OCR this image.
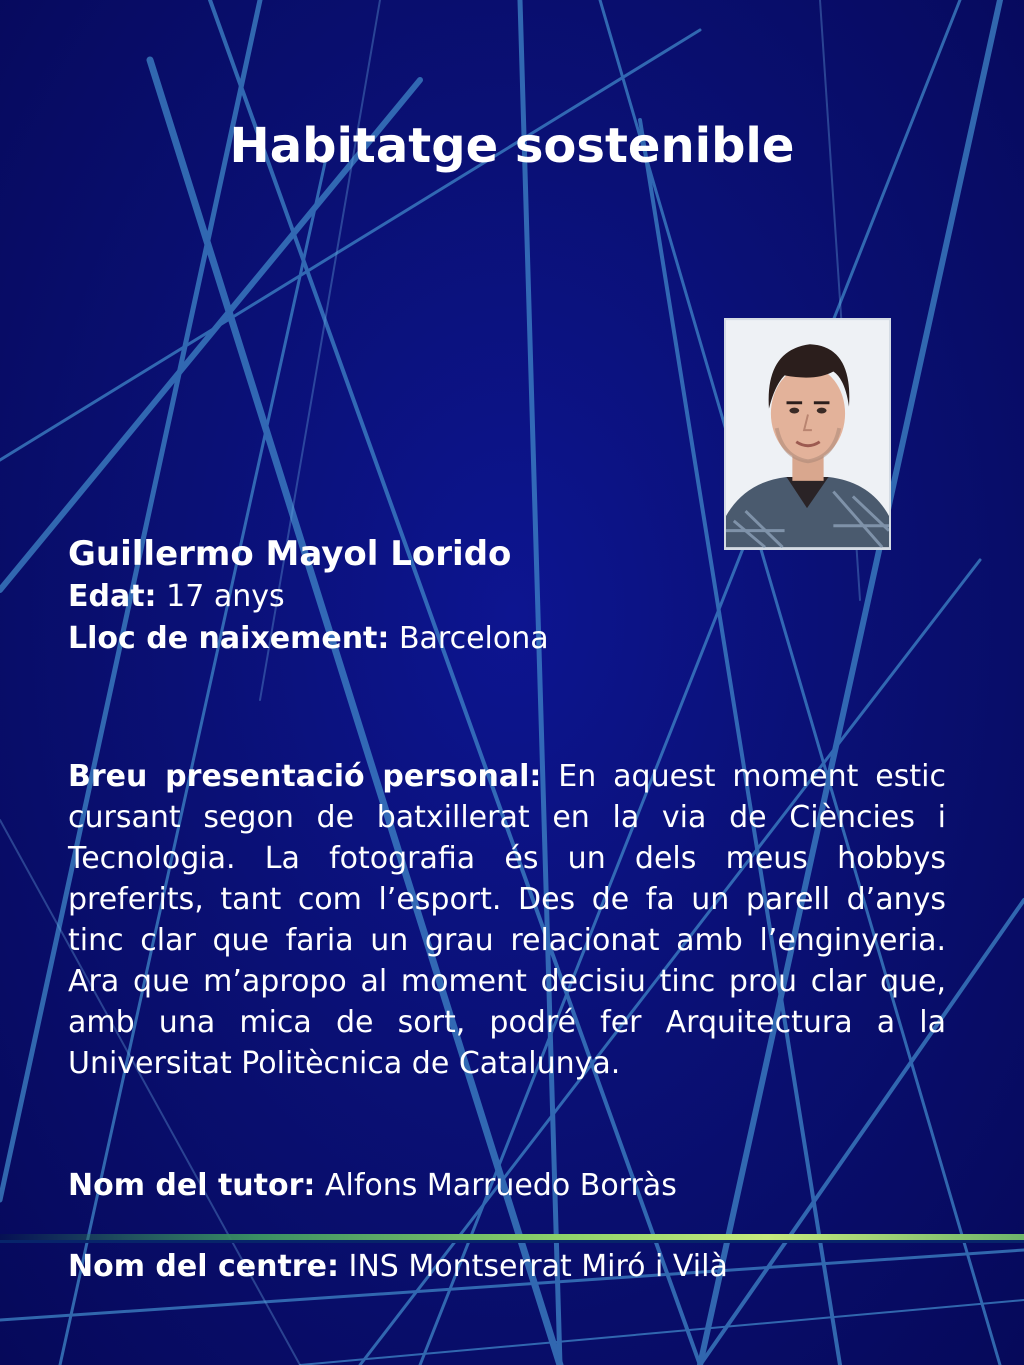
Habitatge sostenible

Guillermo Mayol Lorido

Edat: 17 anys

Lloc de naixement: Barcelona

Breu presentació personal: En aquest moment estic cursant segon de batxillerat en la via de Ciències i Tecnologia. La fotografia és un dels meus hobbys preferits, tant com l’esport. Des de fa un parell d’anys tinc clar que faria un grau relacionat amb l’enginyeria. Ara que m’apropo al moment decisiu tinc prou clar que, amb una mica de sort, podré fer Arquitectura a la Universitat Politècnica de Catalunya.

Nom del tutor: Alfons Marruedo Borràs

Nom del centre: INS Montserrat Miró i Vilà
